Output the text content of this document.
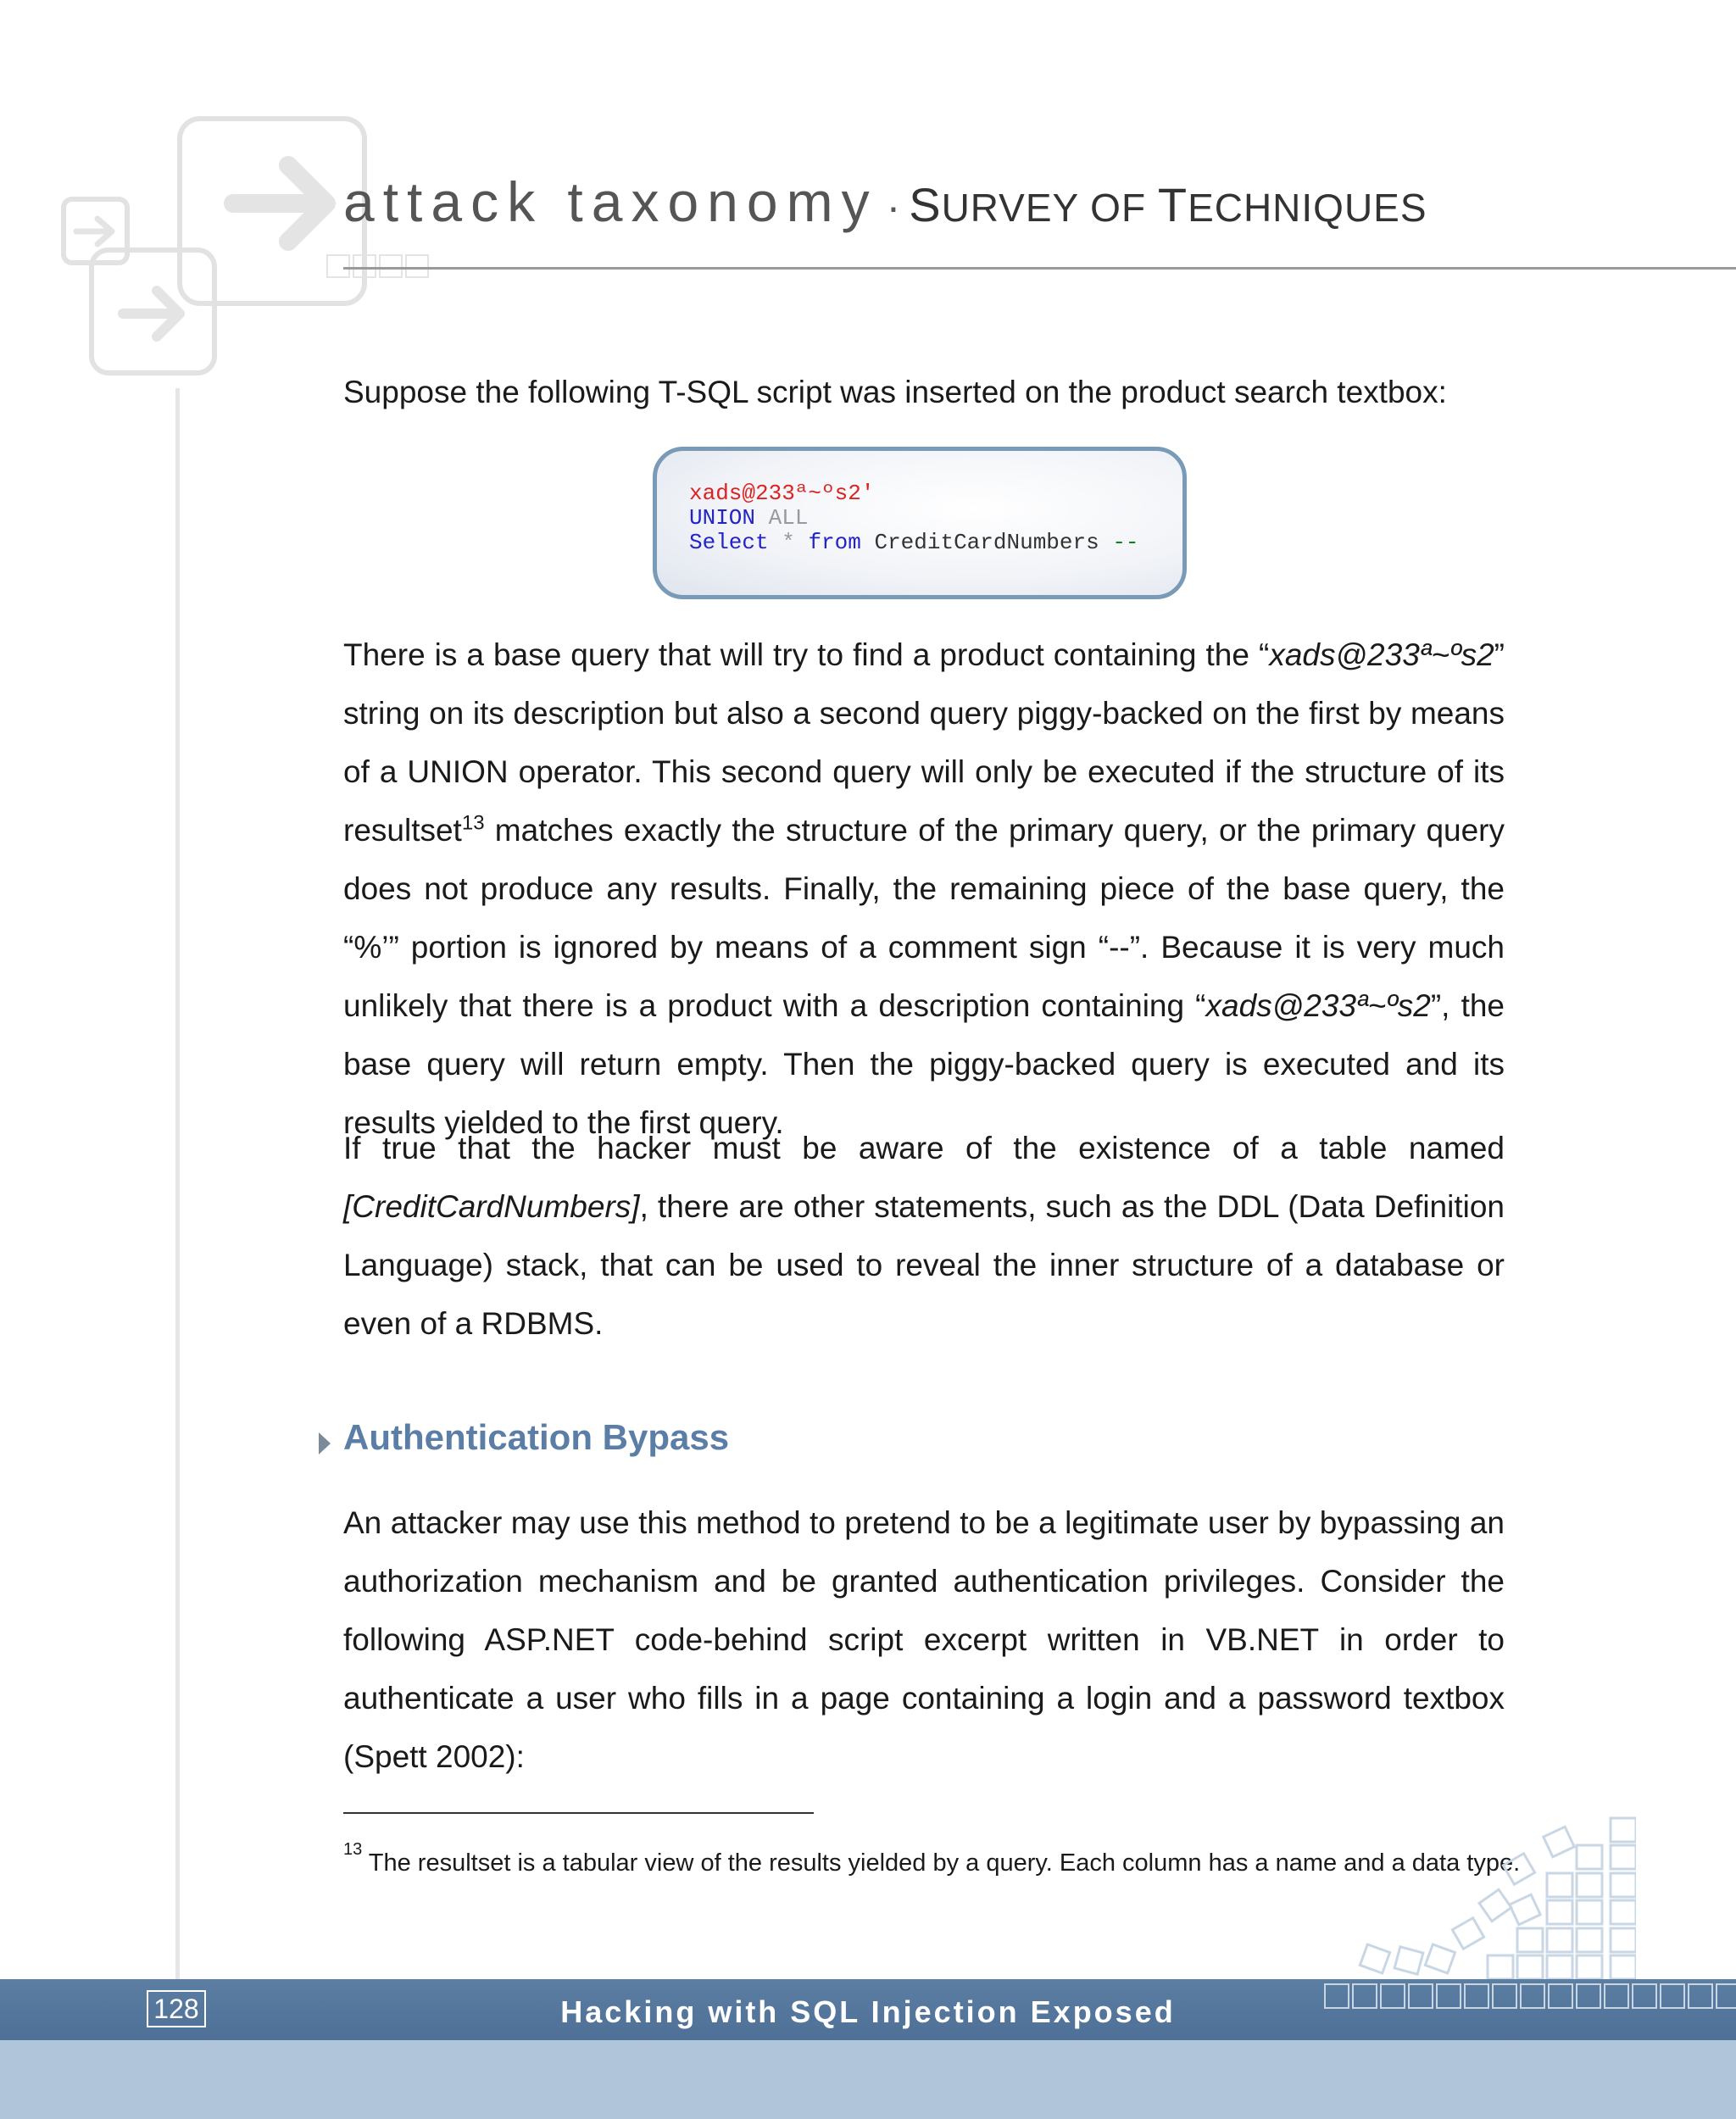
attack taxonomy · SURVEY OF TECHNIQUES
Suppose the following T-SQL script was inserted on the product search textbox:
xads@233ª~ºs2'
UNION ALL
Select * from CreditCardNumbers --
There is a base query that will try to find a product containing the “xads@233ª~ºs2” string on its description but also a second query piggy-backed on the first by means of a UNION operator. This second query will only be executed if the structure of its resultset$^{13}$ matches exactly the structure of the primary query, or the primary query does not produce any results. Finally, the remaining piece of the base query, the “%’” portion is ignored by means of a comment sign “--”. Because it is very much unlikely that there is a product with a description containing “xads@233ª~ºs2”, the base query will return empty. Then the piggy-backed query is executed and its results yielded to the first query.
If true that the hacker must be aware of the existence of a table named [CreditCardNumbers], there are other statements, such as the DDL (Data Definition Language) stack, that can be used to reveal the inner structure of a database or even of a RDBMS.
Authentication Bypass
An attacker may use this method to pretend to be a legitimate user by bypassing an authorization mechanism and be granted authentication privileges. Consider the following ASP.NET code-behind script excerpt written in VB.NET in order to authenticate a user who fills in a page containing a login and a password textbox (Spett 2002):
$^{13}$ The resultset is a tabular view of the results yielded by a query. Each column has a name and a data type.
128	Hacking with SQL Injection Exposed
